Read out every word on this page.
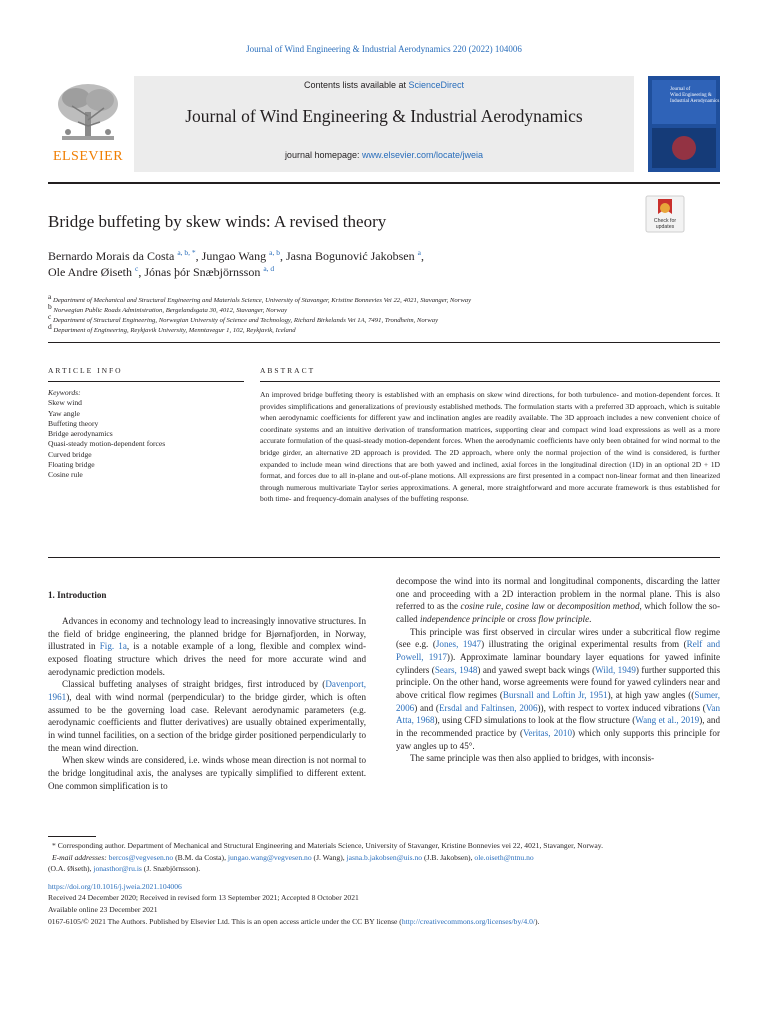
Journal of Wind Engineering & Industrial Aerodynamics 220 (2022) 104006
ELSEVIER
Contents lists available at ScienceDirect
Journal of Wind Engineering & Industrial Aerodynamics
journal homepage: www.elsevier.com/locate/jweia
Journal of
Wind Engineering &
Industrial Aerodynamics
Bridge buffeting by skew winds: A revised theory	Check for
updates
Bernardo Morais da Costa $^{a, b, *}$, Jungao Wang $^{a, b}$, Jasna Bogunović Jakobsen $^a$,
Ole Andre Øiseth $^c$, Jónas þór Snæbjörnsson $^{a, d}$
$^a$ Department of Mechanical and Structural Engineering and Materials Science, University of Stavanger, Kristine Bonnevies Vei 22, 4021, Stavanger, Norway
$^b$ Norwegian Public Roads Administration, Bergelandsgata 30, 4012, Stavanger, Norway
$^c$ Department of Structural Engineering, Norwegian University of Science and Technology, Richard Birkelands Vei 1A, 7491, Trondheim, Norway
$^d$ Department of Engineering, Reykjavik University, Menntavegur 1, 102, Reykjavik, Iceland
ARTICLE INFO	ABSTRACT
Keywords:
Skew wind
Yaw angle
Buffeting theory
Bridge aerodynamics
Quasi-steady motion-dependent forces
Curved bridge
Floating bridge
Cosine rule
An improved bridge buffeting theory is established with an emphasis on skew wind directions, for both turbulence- and motion-dependent forces. It provides simplifications and generalizations of previously established methods. The formulation starts with a preferred 3D approach, which is suitable when aerodynamic coefficients for different yaw and inclination angles are readily available. The 3D approach includes a new convenient choice of coordinate systems and an intuitive derivation of transformation matrices, supporting clear and compact wind load expressions as well as a more accurate formulation of the quasi-steady motion-dependent forces. When the aerodynamic coefficients have only been obtained for wind normal to the bridge girder, an alternative 2D approach is provided. The 2D approach, where only the normal projection of the wind is considered, is further expanded to include mean wind directions that are both yawed and inclined, axial forces in the longitudinal direction (1D) in an optional 2D + 1D format, and forces due to all in-plane and out-of-plane motions. All expressions are first presented in a compact non-linear format and then linearized through numerous multivariate Taylor series approximations. A general, more straightforward and more accurate framework is thus established for both time- and frequency-domain analyses of the buffeting response.
1. Introduction

Advances in economy and technology lead to increasingly innovative structures. In the field of bridge engineering, the planned bridge for Bjørnafjorden, in Norway, illustrated in Fig. 1a, is a notable example of a long, flexible and complex wind-exposed floating structure which drives the need for more accurate wind and aerodynamic prediction models.

Classical buffeting analyses of straight bridges, first introduced by (Davenport, 1961), deal with wind normal (perpendicular) to the bridge girder, which is often assumed to be the governing load case. Relevant aerodynamic parameters (e.g. aerodynamic coefficients and flutter derivatives) are usually obtained experimentally, in wind tunnel facilities, on a section of the bridge girder positioned perpendicularly to the mean wind direction.

When skew winds are considered, i.e. winds whose mean direction is not normal to the bridge longitudinal axis, the analyses are typically simplified to different extent. One common simplification is to

decompose the wind into its normal and longitudinal components, discarding the latter one and proceeding with a 2D interaction problem in the normal plane. This is also referred to as the cosine rule, cosine law or decomposition method, which follow the so-called independence principle or cross flow principle.

This principle was first observed in circular wires under a subcritical flow regime (see e.g. (Jones, 1947) illustrating the original experimental results from (Relf and Powell, 1917)). Approximate laminar boundary layer equations for yawed infinite cylinders (Sears, 1948) and yawed swept back wings (Wild, 1949) further supported this principle. On the other hand, worse agreements were found for yawed cylinders near and above critical flow regimes (Bursnall and Loftin Jr, 1951), at high yaw angles ((Sumer, 2006) and (Ersdal and Faltinsen, 2006)), with respect to vortex induced vibrations (Van Atta, 1968), using CFD simulations to look at the flow structure (Wang et al., 2019), and in the recommended practice by (Veritas, 2010) which only supports this principle for yaw angles up to 45°.

The same principle was then also applied to bridges, with inconsis-

* Corresponding author. Department of Mechanical and Structural Engineering and Materials Science, University of Stavanger, Kristine Bonnevies vei 22, 4021, Stavanger, Norway.
E-mail addresses: bercos@vegvesen.no (B.M. da Costa), jungao.wang@vegvesen.no (J. Wang), jasna.b.jakobsen@uis.no (J.B. Jakobsen), ole.oiseth@ntnu.no
(O.A. Øiseth), jonasthor@ru.is (J. Snæbjörnsson).
https://doi.org/10.1016/j.jweia.2021.104006
Received 24 December 2020; Received in revised form 13 September 2021; Accepted 8 October 2021
Available online 23 December 2021
0167-6105/© 2021 The Authors. Published by Elsevier Ltd. This is an open access article under the CC BY license (http://creativecommons.org/licenses/by/4.0/).
